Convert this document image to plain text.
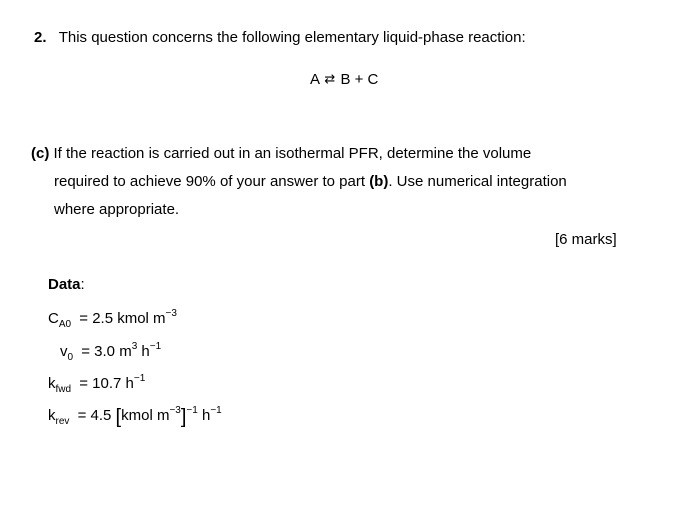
2. This question concerns the following elementary liquid-phase reaction:
A ⇄ B + C
(c) If the reaction is carried out in an isothermal PFR, determine the volume
required to achieve 90% of your answer to part (b). Use numerical integration
where appropriate.
[6 marks]
Data:
$C_{A0} = 2.5$ kmol $m^{-3}$
$v_0 = 3.0$ $m^3$ $h^{-1}$
$k_{fwd} = 10.7$ $h^{-1}$
$k_{rev} = 4.5$ [kmol $m^{-3}]^{-1}$ $h^{-1}$
